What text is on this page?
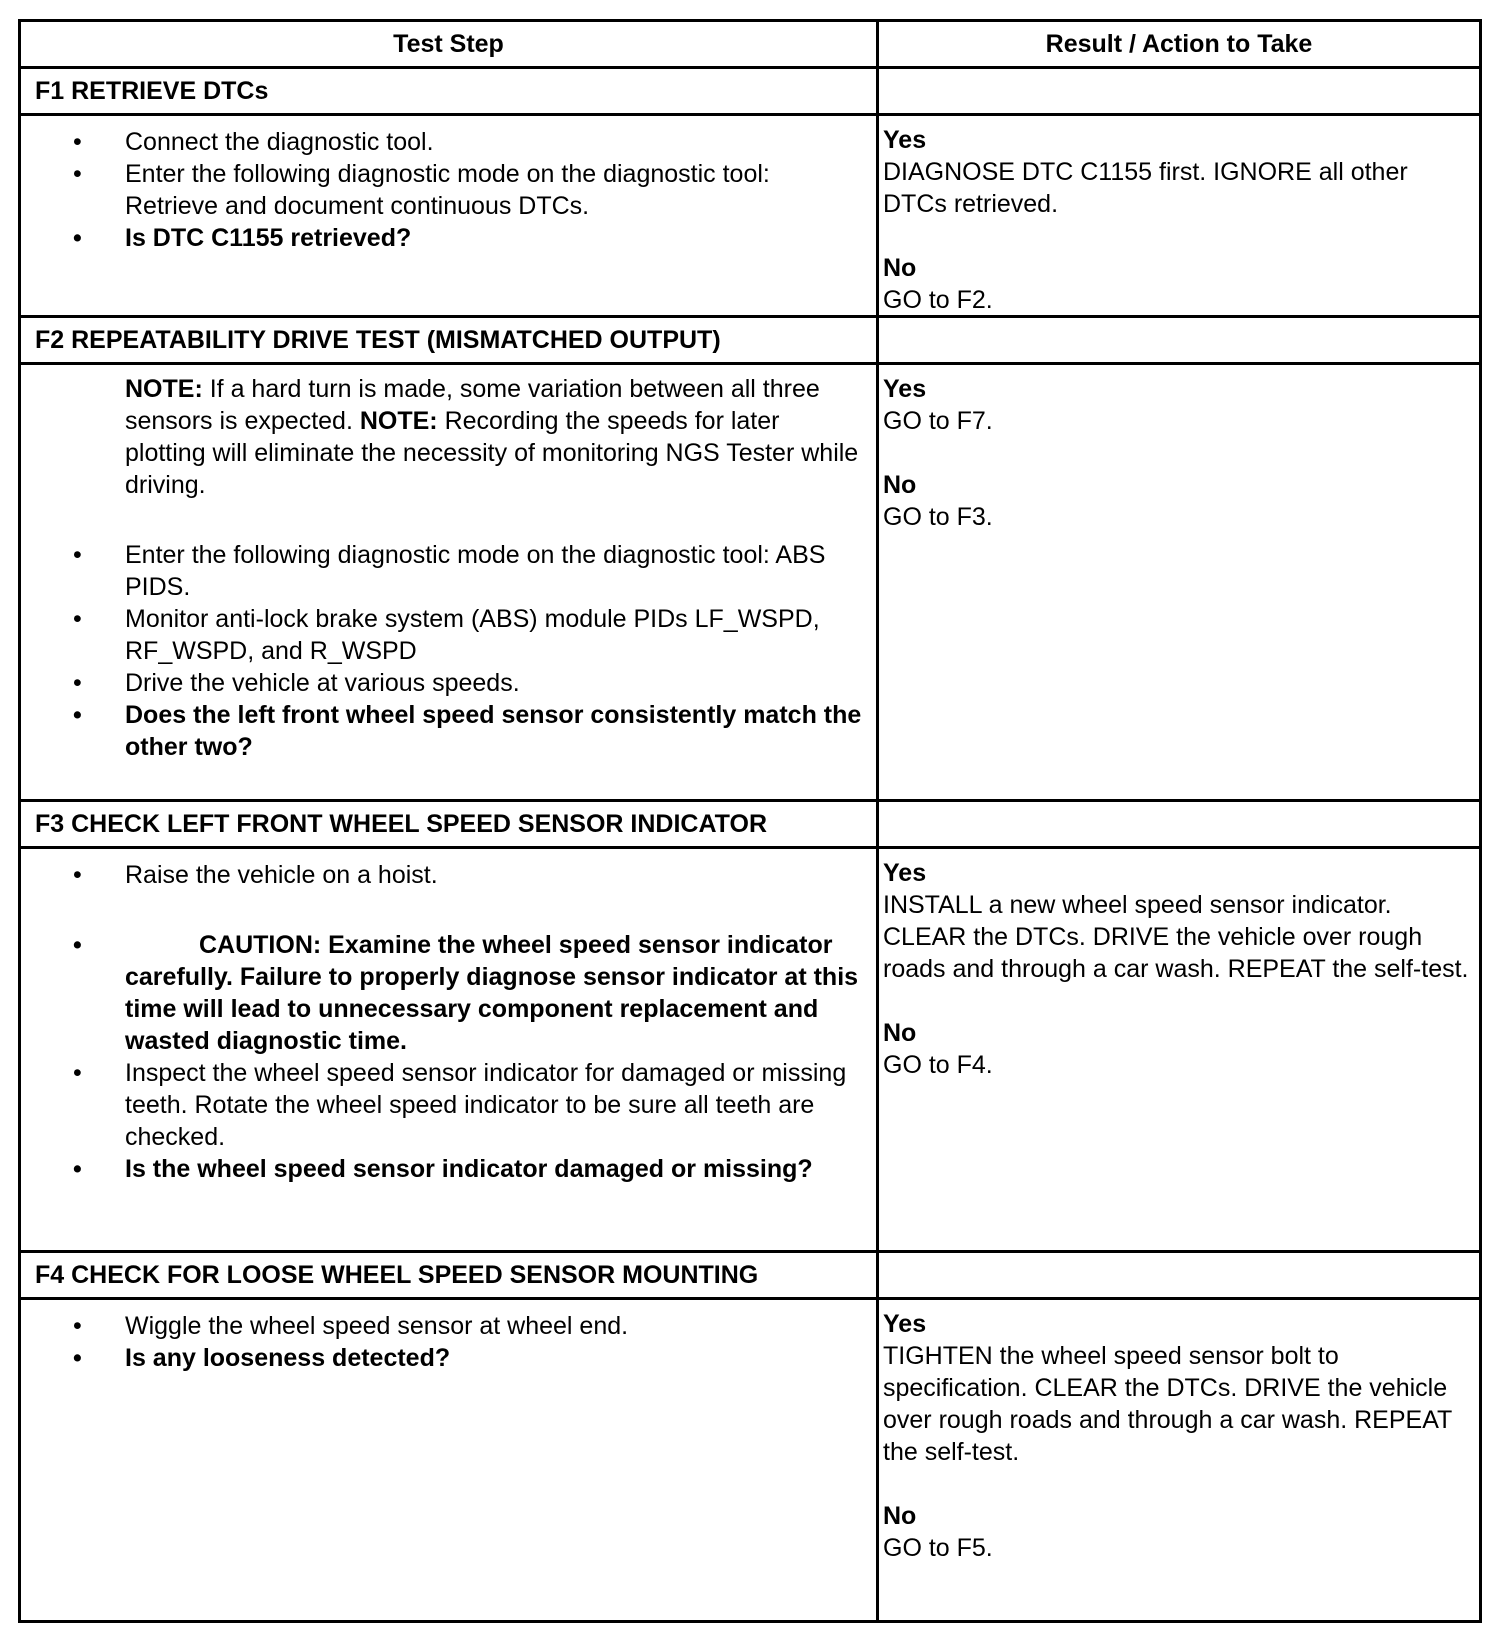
Test Step	Result / Action to Take
F1 RETRIEVE DTCs
• Connect the diagnostic tool.
• Enter the following diagnostic mode on the diagnostic tool: Retrieve and document continuous DTCs.
• Is DTC C1155 retrieved?
Yes
DIAGNOSE DTC C1155 first. IGNORE all other DTCs retrieved.
No
GO to F2.
F2 REPEATABILITY DRIVE TEST (MISMATCHED OUTPUT)
NOTE: If a hard turn is made, some variation between all three sensors is expected. NOTE: Recording the speeds for later plotting will eliminate the necessity of monitoring NGS Tester while driving.
• Enter the following diagnostic mode on the diagnostic tool: ABS PIDS.
• Monitor anti-lock brake system (ABS) module PIDs LF_WSPD, RF_WSPD, and R_WSPD
• Drive the vehicle at various speeds.
• Does the left front wheel speed sensor consistently match the other two?
Yes
GO to F7.
No
GO to F3.
F3 CHECK LEFT FRONT WHEEL SPEED SENSOR INDICATOR
• Raise the vehicle on a hoist.
• CAUTION: Examine the wheel speed sensor indicator carefully. Failure to properly diagnose sensor indicator at this time will lead to unnecessary component replacement and wasted diagnostic time.
• Inspect the wheel speed sensor indicator for damaged or missing teeth. Rotate the wheel speed indicator to be sure all teeth are checked.
• Is the wheel speed sensor indicator damaged or missing?
Yes
INSTALL a new wheel speed sensor indicator. CLEAR the DTCs. DRIVE the vehicle over rough roads and through a car wash. REPEAT the self-test.
No
GO to F4.
F4 CHECK FOR LOOSE WHEEL SPEED SENSOR MOUNTING
• Wiggle the wheel speed sensor at wheel end.
• Is any looseness detected?
Yes
TIGHTEN the wheel speed sensor bolt to specification. CLEAR the DTCs. DRIVE the vehicle over rough roads and through a car wash. REPEAT the self-test.
No
GO to F5.
